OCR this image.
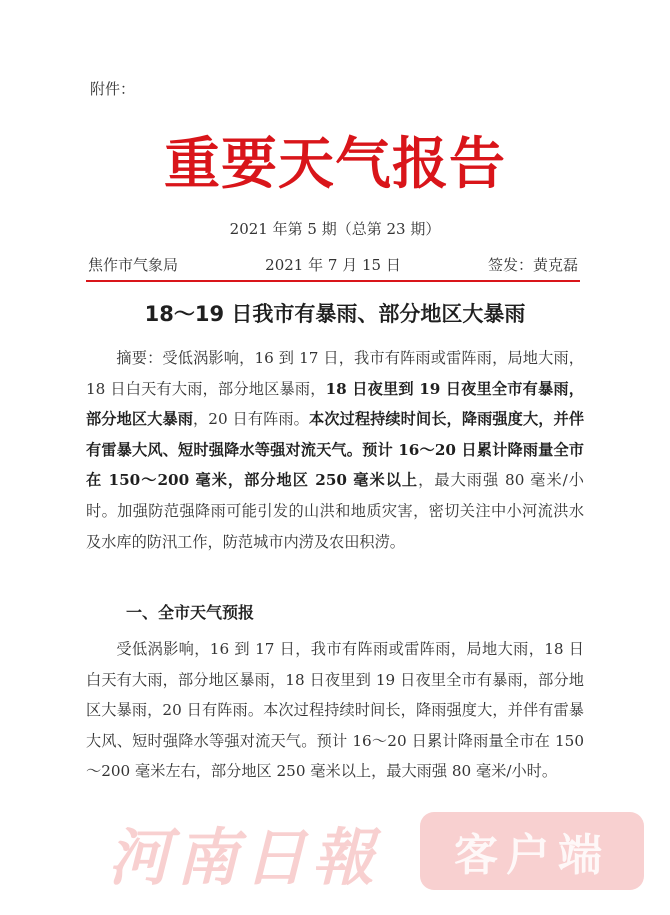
附件：
重要天气报告
2021 年第 5 期（总第 23 期）
焦作市气象局	2021 年 7 月 15 日	签发：黄克磊
18～19 日我市有暴雨、部分地区大暴雨
摘要：受低涡影响，16 到 17 日，我市有阵雨或雷阵雨，局地大雨，18 日白天有大雨，部分地区暴雨，18 日夜里到 19 日夜里全市有暴雨，部分地区大暴雨，20 日有阵雨。本次过程持续时间长，降雨强度大，并伴有雷暴大风、短时强降水等强对流天气。预计 16～20 日累计降雨量全市在 150～200 毫米，部分地区 250 毫米以上，最大雨强 80 毫米/小时。加强防范强降雨可能引发的山洪和地质灾害，密切关注中小河流洪水及水库的防汛工作，防范城市内涝及农田积涝。
一、全市天气预报
受低涡影响，16 到 17 日，我市有阵雨或雷阵雨，局地大雨，18 日白天有大雨，部分地区暴雨，18 日夜里到 19 日夜里全市有暴雨，部分地区大暴雨，20 日有阵雨。本次过程持续时间长，降雨强度大，并伴有雷暴大风、短时强降水等强对流天气。预计 16～20 日累计降雨量全市在 150～200 毫米左右，部分地区 250 毫米以上，最大雨强 80 毫米/小时。
河南日報 客户端
